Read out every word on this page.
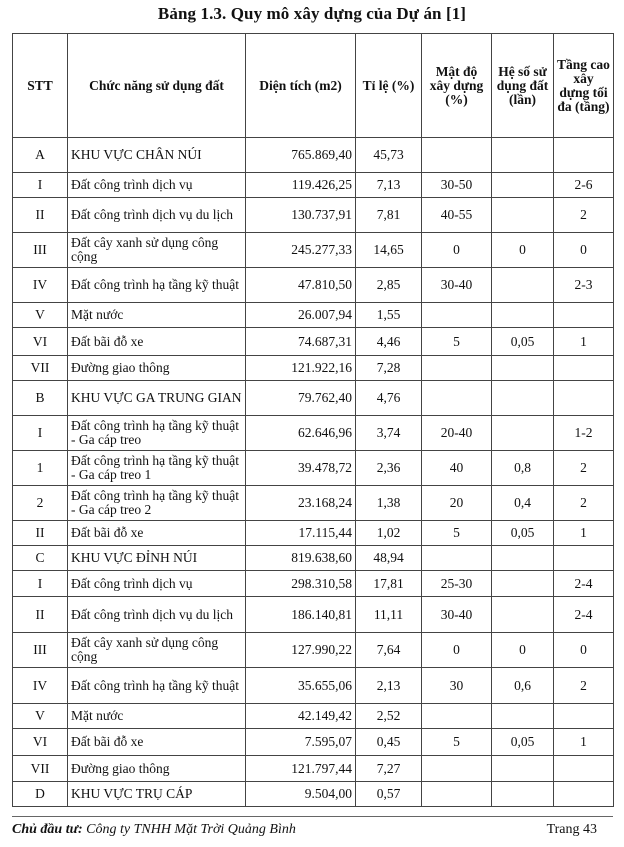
Bảng 1.3. Quy mô xây dựng của Dự án [1]
STT	Chức năng sử dụng đất	Diện tích (m2)	Tỉ lệ (%)	Mật độ xây dựng (%)	Hệ số sử dụng đất (lần)	Tầng cao xây dựng tối đa (tầng)
A	KHU VỰC CHÂN NÚI	765.869,40	45,73			
I	Đất công trình dịch vụ	119.426,25	7,13	30-50		2-6
II	Đất công trình dịch vụ du lịch	130.737,91	7,81	40-55		2
III	Đất cây xanh sử dụng công cộng	245.277,33	14,65	0	0	0
IV	Đất công trình hạ tầng kỹ thuật	47.810,50	2,85	30-40		2-3
V	Mặt nước	26.007,94	1,55			
VI	Đất bãi đỗ xe	74.687,31	4,46	5	0,05	1
VII	Đường giao thông	121.922,16	7,28			
B	KHU VỰC GA TRUNG GIAN	79.762,40	4,76			
I	Đất công trình hạ tầng kỹ thuật - Ga cáp treo	62.646,96	3,74	20-40		1-2
1	Đất công trình hạ tầng kỹ thuật - Ga cáp treo 1	39.478,72	2,36	40	0,8	2
2	Đất công trình hạ tầng kỹ thuật - Ga cáp treo 2	23.168,24	1,38	20	0,4	2
II	Đất bãi đỗ xe	17.115,44	1,02	5	0,05	1
C	KHU VỰC ĐỈNH NÚI	819.638,60	48,94			
I	Đất công trình dịch vụ	298.310,58	17,81	25-30		2-4
II	Đất công trình dịch vụ du lịch	186.140,81	11,11	30-40		2-4
III	Đất cây xanh sử dụng công cộng	127.990,22	7,64	0	0	0
IV	Đất công trình hạ tầng kỹ thuật	35.655,06	2,13	30	0,6	2
V	Mặt nước	42.149,42	2,52			
VI	Đất bãi đỗ xe	7.595,07	0,45	5	0,05	1
VII	Đường giao thông	121.797,44	7,27			
D	KHU VỰC TRỤ CÁP	9.504,00	0,57			
Chủ đầu tư: Công ty TNHH Mặt Trời Quảng Bình	Trang 43
